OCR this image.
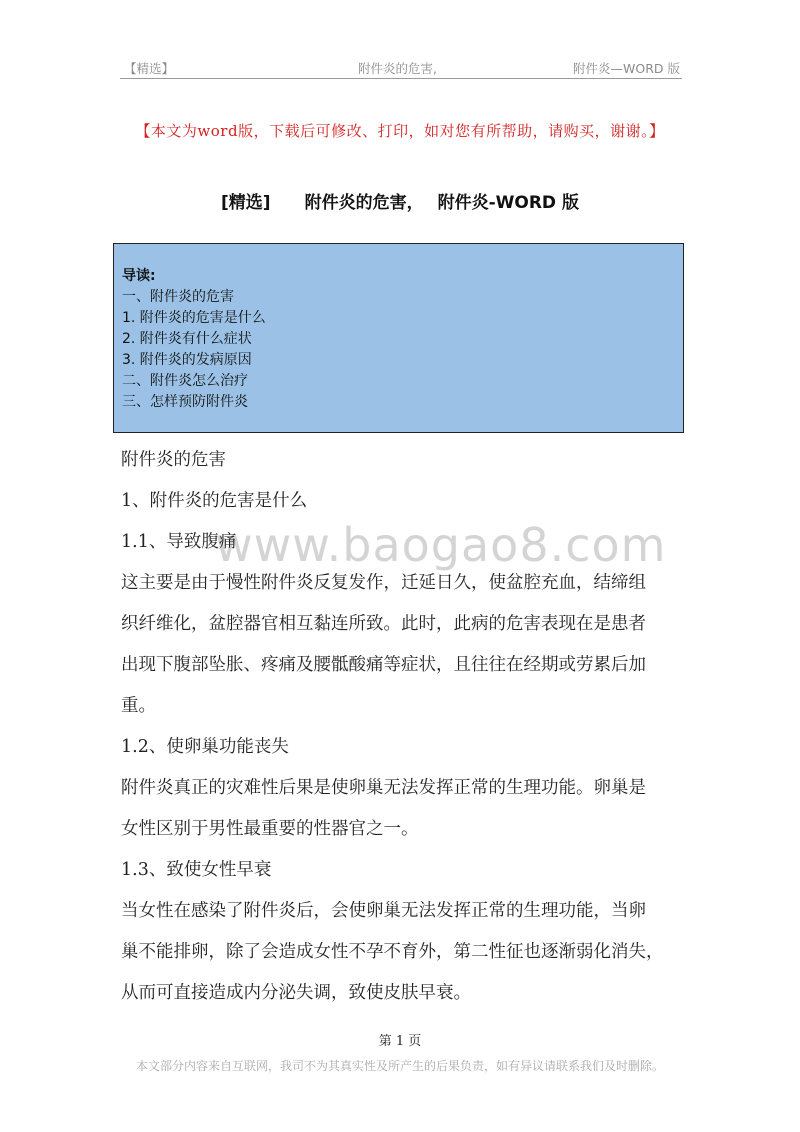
【精选】	附件炎的危害,	附件炎—WORD 版
【本文为word版，下载后可修改、打印，如对您有所帮助，请购买，谢谢。】
[精选] 附件炎的危害， 附件炎-WORD 版
导读:
一、附件炎的危害
1. 附件炎的危害是什么
2. 附件炎有什么症状
3. 附件炎的发病原因
二、附件炎怎么治疗
三、怎样预防附件炎
www.baogao8.com
附件炎的危害
1、附件炎的危害是什么
1.1、导致腹痛
这主要是由于慢性附件炎反复发作，迁延日久，使盆腔充血，结缔组
织纤维化，盆腔器官相互黏连所致。此时，此病的危害表现在是患者
出现下腹部坠胀、疼痛及腰骶酸痛等症状，且往往在经期或劳累后加
重。
1.2、使卵巢功能丧失
附件炎真正的灾难性后果是使卵巢无法发挥正常的生理功能。卵巢是
女性区别于男性最重要的性器官之一。
1.3、致使女性早衰
当女性在感染了附件炎后，会使卵巢无法发挥正常的生理功能，当卵
巢不能排卵，除了会造成女性不孕不育外，第二性征也逐渐弱化消失，
从而可直接造成内分泌失调，致使皮肤早衰。
第 1 页
本文部分内容来自互联网，我司不为其真实性及所产生的后果负责，如有异议请联系我们及时删除。
